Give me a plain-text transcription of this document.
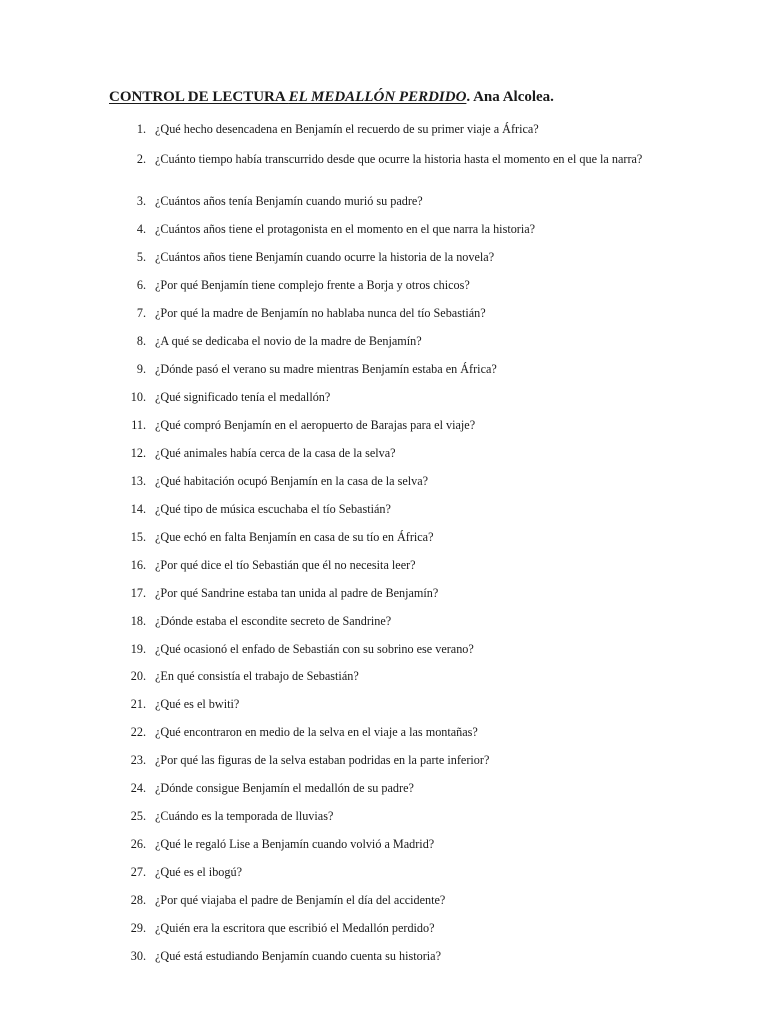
CONTROL DE LECTURA EL MEDALLÓN PERDIDO. Ana Alcolea.
1. ¿Qué hecho desencadena en Benjamín el recuerdo de su primer viaje a África?
2. ¿Cuánto tiempo había transcurrido desde que ocurre la historia hasta el momento en el que la narra?
3. ¿Cuántos años tenía Benjamín cuando murió su padre?
4. ¿Cuántos años tiene el protagonista en el momento en el que narra la historia?
5. ¿Cuántos años tiene Benjamín cuando ocurre la historia de la novela?
6. ¿Por qué Benjamín tiene complejo frente a Borja y otros chicos?
7. ¿Por qué la madre de Benjamín no hablaba nunca del tío Sebastián?
8. ¿A qué se dedicaba el novio de la madre de Benjamín?
9. ¿Dónde pasó el verano su madre mientras Benjamín estaba en África?
10. ¿Qué significado tenía el medallón?
11. ¿Qué compró Benjamín en el aeropuerto de Barajas para el viaje?
12. ¿Qué animales había cerca de la casa de la selva?
13. ¿Qué habitación ocupó Benjamín en la casa de la selva?
14. ¿Qué tipo de música escuchaba el tío Sebastián?
15. ¿Que echó en falta Benjamín en casa de su tío en África?
16. ¿Por qué dice el tío Sebastián que él no necesita leer?
17. ¿Por qué Sandrine estaba tan unida al padre de Benjamín?
18. ¿Dónde estaba el escondite secreto de Sandrine?
19. ¿Qué ocasionó el enfado de Sebastián con su sobrino ese verano?
20. ¿En qué consistía el trabajo de Sebastián?
21. ¿Qué es el bwiti?
22. ¿Qué encontraron en medio de la selva en el viaje a las montañas?
23. ¿Por qué las figuras de la selva estaban podridas en la parte inferior?
24. ¿Dónde consigue Benjamín el medallón de su padre?
25. ¿Cuándo es la temporada de lluvias?
26. ¿Qué le regaló Lise a Benjamín cuando volvió a Madrid?
27. ¿Qué es el ibogú?
28. ¿Por qué viajaba el padre de Benjamín el día del accidente?
29. ¿Quién era la escritora que escribió el Medallón perdido?
30. ¿Qué está estudiando Benjamín cuando cuenta su historia?
